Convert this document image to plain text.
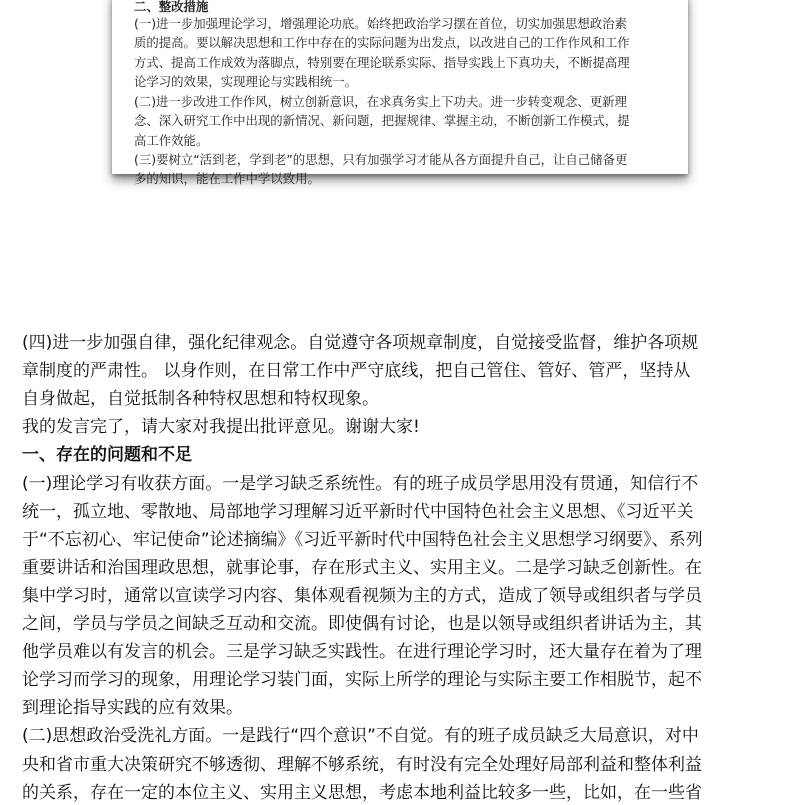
二、整改措施
(一)进一步加强理论学习，增强理论功底。始终把政治学习摆在首位，切实加强思想政治素
质的提高。要以解决思想和工作中存在的实际问题为出发点，以改进自己的工作作风和工作
方式、提高工作成效为落脚点，特别要在理论联系实际、指导实践上下真功夫，不断提高理
论学习的效果，实现理论与实践相统一。
(二)进一步改进工作作风，树立创新意识，在求真务实上下功夫。进一步转变观念、更新理
念、深入研究工作中出现的新情况、新问题，把握规律、掌握主动，不断创新工作模式，提
高工作效能。
(三)要树立“活到老，学到老”的思想，只有加强学习才能从各方面提升自己，让自己储备更
多的知识，能在工作中学以致用。
(四)进一步加强自律，强化纪律观念。自觉遵守各项规章制度，自觉接受监督，维护各项规
章制度的严肃性。 以身作则，在日常工作中严守底线，把自己管住、管好、管严，坚持从
自身做起，自觉抵制各种特权思想和特权现象。
我的发言完了，请大家对我提出批评意见。谢谢大家!
一、存在的问题和不足
(一)理论学习有收获方面。一是学习缺乏系统性。有的班子成员学思用没有贯通，知信行不
统一，孤立地、零散地、局部地学习理解习近平新时代中国特色社会主义思想、《习近平关
于“不忘初心、牢记使命”论述摘编》《习近平新时代中国特色社会主义思想学习纲要》、系列
重要讲话和治国理政思想，就事论事，存在形式主义、实用主义。二是学习缺乏创新性。在
集中学习时，通常以宣读学习内容、集体观看视频为主的方式，造成了领导或组织者与学员
之间，学员与学员之间缺乏互动和交流。即使偶有讨论，也是以领导或组织者讲话为主，其
他学员难以有发言的机会。三是学习缺乏实践性。在进行理论学习时，还大量存在着为了理
论学习而学习的现象，用理论学习装门面，实际上所学的理论与实际主要工作相脱节，起不
到理论指导实践的应有效果。
(二)思想政治受洗礼方面。一是践行“四个意识”不自觉。有的班子成员缺乏大局意识，对中
央和省市重大决策研究不够透彻、理解不够系统，有时没有完全处理好局部利益和整体利益
的关系，存在一定的本位主义、实用主义思想，考虑本地利益比较多一些，比如，在一些省
